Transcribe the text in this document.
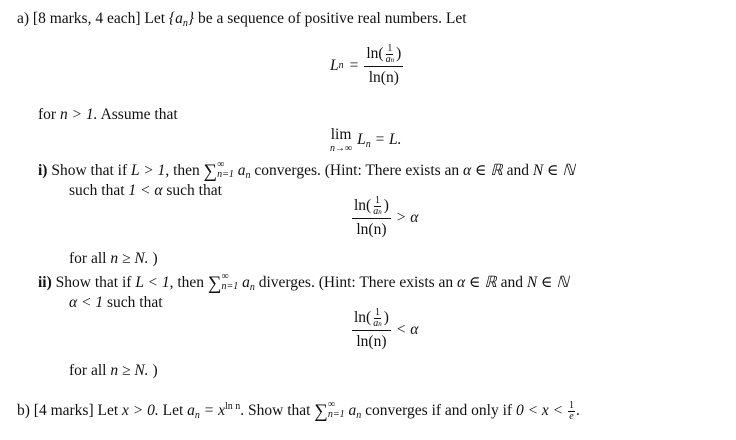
a) [8 marks, 4 each] Let $\{a_n\}$ be a sequence of positive real numbers. Let
L $n = \frac{\ln( \frac{1}{an} )}{\ln(n)}$
for n > 1. Assume that
lim
n→∞
$L_n = L$.
i) Show that if L > 1, then ∑ ∞
n=1 $a_n$ converges. (Hint: There exists an α ∈ ℝ and N ∈ ℕ
such that 1 < α such that
$\frac{\ln( \frac{1}{an} )}{\ln(n)} > \alpha$
for all n ≥ N. )
ii) Show that if L < 1, then ∑ ∞
n=1 $a_n$ diverges. (Hint: There exists an α ∈ ℝ and N ∈ ℕ
α < 1 such that
$\frac{\ln( \frac{1}{an} )}{\ln(n)} < \alpha$
for all n ≥ N. )
b) [4 marks] Let x > 0. Let $a_n = x^{ln n}$. Show that ∑ ∞
n=1 $a_n$ converges if and only if $0 < x < \frac{1}{e}$ .
